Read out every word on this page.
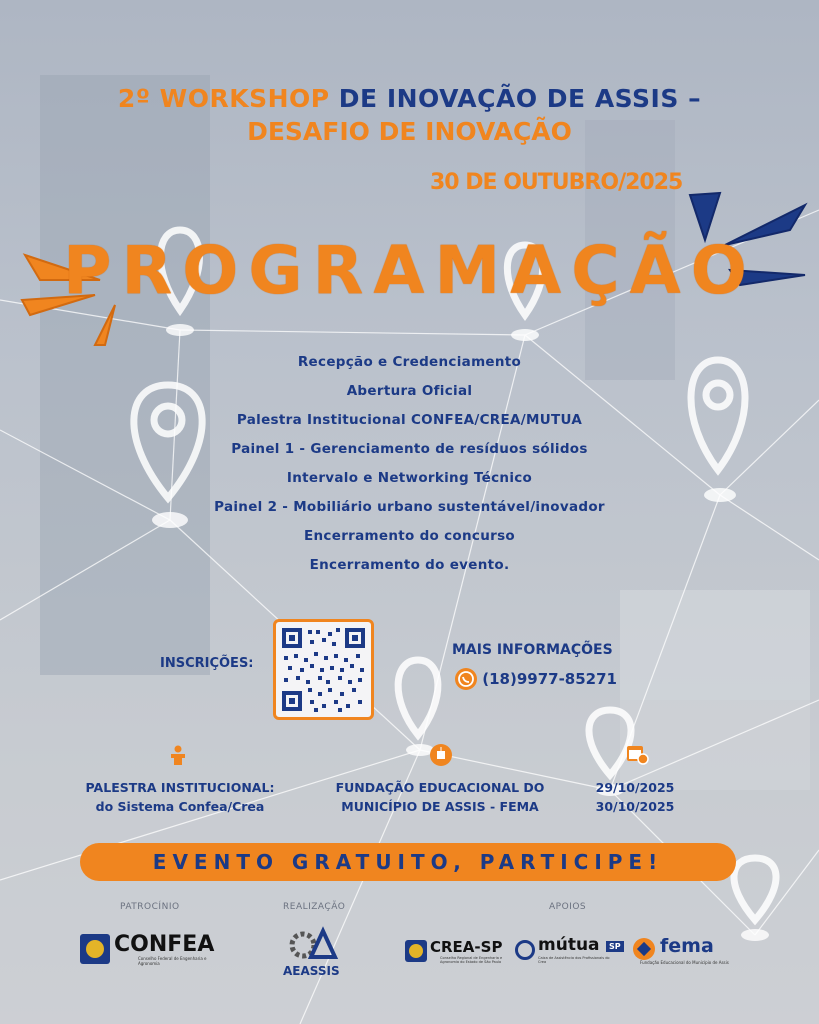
2º WORKSHOP DE INOVAÇÃO DE ASSIS –
DESAFIO DE INOVAÇÃO
30 DE OUTUBRO/2025
PROGRAMAÇÃO
Recepção e Credenciamento
Abertura Oficial
Palestra Institucional CONFEA/CREA/MUTUA
Painel 1 - Gerenciamento de resíduos sólidos
Intervalo e Networking Técnico
Painel 2 - Mobiliário urbano sustentável/inovador
Encerramento do concurso
Encerramento do evento.
INSCRIÇÕES:
MAIS INFORMAÇÕES
(18)9977-85271
PALESTRA INSTITUCIONAL:
do Sistema Confea/Crea
FUNDAÇÃO EDUCACIONAL DO
MUNICÍPIO DE ASSIS - FEMA
29/10/2025
30/10/2025
EVENTO GRATUITO, PARTICIPE!
PATROCÍNIO	REALIZAÇÃO	APOIOS
CONFEA
Conselho Federal de Engenharia e Agronomia
AEASSIS
CREA-SP
Conselho Regional de Engenharia e Agronomia do Estado de São Paulo
mútua	SP
Caixa de Assistência dos Profissionais do Crea
fema
Fundação Educacional do Município de Assis
